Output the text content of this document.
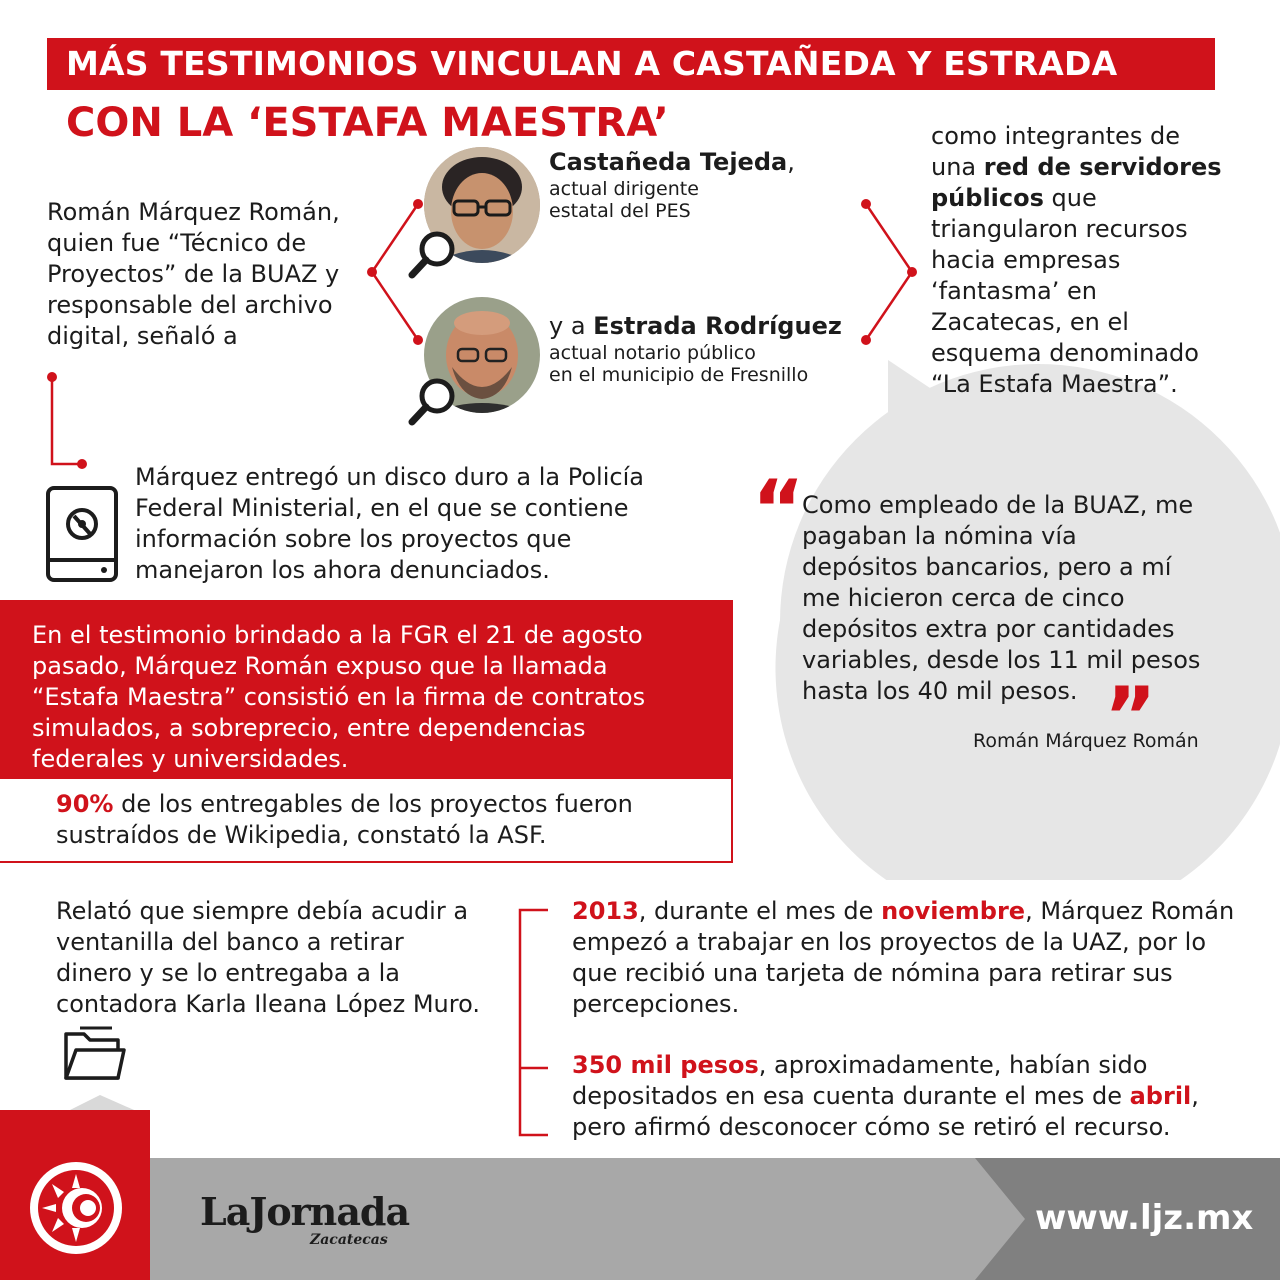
MÁS TESTIMONIOS VINCULAN A CASTAÑEDA Y ESTRADA
CON LA ‘ESTAFA MAESTRA’
Román Márquez Román,
quien fue “Técnico de
Proyectos” de la BUAZ y
responsable del archivo
digital, señaló a
Castañeda Tejeda,
actual dirigente
estatal del PES
y a Estrada Rodríguez
actual notario público
en el municipio de Fresnillo
como integrantes de
una red de servidores
públicos que
triangularon recursos
hacia empresas
‘fantasma’ en
Zacatecas, en el
esquema denominado
“La Estafa Maestra”.
Márquez entregó un disco duro a la Policía
Federal Ministerial, en el que se contiene
información sobre los proyectos que
manejaron los ahora denunciados.
“
Como empleado de la BUAZ, me
pagaban la nómina vía
depósitos bancarios, pero a mí
me hicieron cerca de cinco
depósitos extra por cantidades
variables, desde los 11 mil pesos
hasta los 40 mil pesos. ”
Román Márquez Román
En el testimonio brindado a la FGR el 21 de agosto
pasado, Márquez Román expuso que la llamada
“Estafa Maestra” consistió en la firma de contratos
simulados, a sobreprecio, entre dependencias
federales y universidades.
90% de los entregables de los proyectos fueron
sustraídos de Wikipedia, constató la ASF.
Relató que siempre debía acudir a
ventanilla del banco a retirar
dinero y se lo entregaba a la
contadora Karla Ileana López Muro.
2013, durante el mes de noviembre, Márquez Román
empezó a trabajar en los proyectos de la UAZ, por lo
que recibió una tarjeta de nómina para retirar sus
percepciones.
350 mil pesos, aproximadamente, habían sido
depositados en esa cuenta durante el mes de abril,
pero afirmó desconocer cómo se retiró el recurso.
LaJornada
Zacatecas
www.ljz.mx
